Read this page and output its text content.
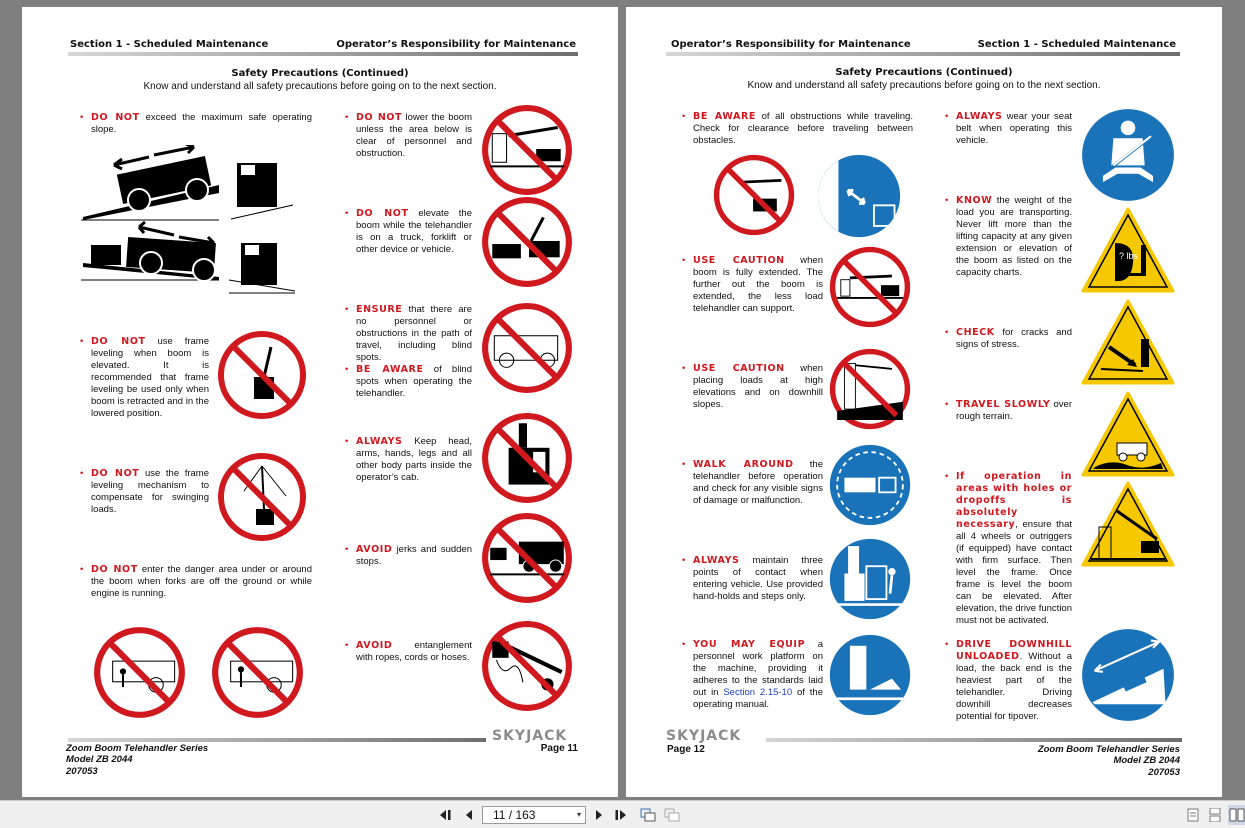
Section 1 - Scheduled Maintenance	Operator’s Responsibility for Maintenance
Safety Precautions (Continued)
Know and understand all safety precautions before going on to the next section.
• DO NOT exceed the maximum safe operating slope.
• DO NOT use frame leveling when boom is elevated. It is recommended that frame leveling be used only when boom is retracted and in the lowered position.
• DO NOT use the frame leveling mechanism to compensate for swinging loads.
• DO NOT enter the danger area under or around the boom when forks are off the ground or while engine is running.
• DO NOT lower the boom unless the area below is clear of personnel and obstruction.
• DO NOT elevate the boom while the telehandler is on a truck, forklift or other device or vehicle.
• ENSURE that there are no personnel or obstructions in the path of travel, including blind spots.
• BE AWARE of blind spots when operating the telehandler.
• ALWAYS Keep head, arms, hands, legs and all other body parts inside the operator’s cab.
• AVOID jerks and sudden stops.
• AVOID entanglement with ropes, cords or hoses.
SKYJACK
Zoom Boom Telehandler Series
Model ZB 2044
207053
Page 11
Operator’s Responsibility for Maintenance	Section 1 - Scheduled Maintenance
Safety Precautions (Continued)
Know and understand all safety precautions before going on to the next section.
• BE AWARE of all obstructions while traveling. Check for clearance before traveling between obstacles.
• USE CAUTION when boom is fully extended. The further out the boom is extended, the less load telehandler can support.
• USE CAUTION when placing loads at high elevations and on downhill slopes.
• WALK AROUND the telehandler before operation and check for any visible signs of damage or malfunction.
• ALWAYS maintain three points of contact when entering vehicle. Use provided hand-holds and steps only.
• YOU MAY EQUIP a personnel work platform on the machine, providing it adheres to the standards laid out in Section 2.15-10 of the operating manual.
• ALWAYS wear your seat belt when operating this vehicle.
• KNOW the weight of the load you are transporting. Never lift more than the lifting capacity at any given extension or elevation of the boom as listed on the capacity charts.
? lbs
• CHECK for cracks and signs of stress.
• TRAVEL SLOWLY over rough terrain.
• If operation in areas with holes or dropoffs is absolutely necessary, ensure that all 4 wheels or outriggers (if equipped) have contact with firm surface. Then level the frame. Once frame is level the boom can be elevated. After elevation, the drive function must not be activated.
• DRIVE DOWNHILL UNLOADED. Without a load, the back end is the heaviest part of the telehandler. Driving downhill decreases potential for tipover.
SKYJACK
Page 12	Zoom Boom Telehandler Series
Model ZB 2044
207053
11 / 163	▾
